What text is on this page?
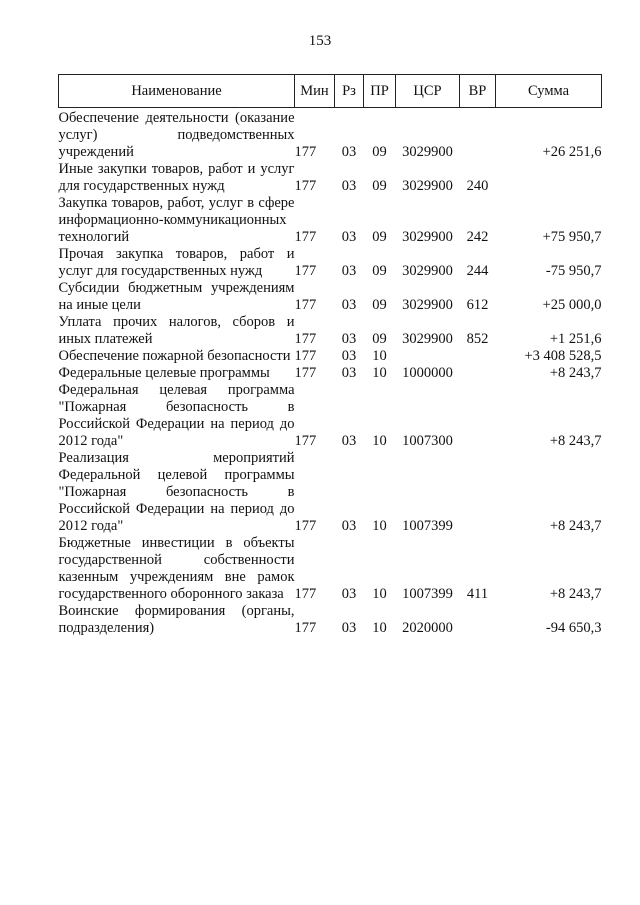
153
Наименование	Мин	Рз	ПР	ЦСР	ВР	Сумма
Обеспечение деятельности (оказание услуг) подведомственных учреждений	177	03	09	3029900		+26 251,6
Иные закупки товаров, работ и услуг для государственных нужд	177	03	09	3029900	240	
Закупка товаров, работ, услуг в сфере информационно-коммуникационных технологий	177	03	09	3029900	242	+75 950,7
Прочая закупка товаров, работ и услуг для государственных нужд	177	03	09	3029900	244	-75 950,7
Субсидии бюджетным учреждениям на иные цели	177	03	09	3029900	612	+25 000,0
Уплата прочих налогов, сборов и иных платежей	177	03	09	3029900	852	+1 251,6
Обеспечение пожарной безопасности	177	03	10			+3 408 528,5
Федеральные целевые программы	177	03	10	1000000		+8 243,7
Федеральная целевая программа "Пожарная безопасность в Российской Федерации на период до 2012 года"	177	03	10	1007300		+8 243,7
Реализация мероприятий Федеральной целевой программы "Пожарная безопасность в Российской Федерации на период до 2012 года"	177	03	10	1007399		+8 243,7
Бюджетные инвестиции в объекты государственной собственности казенным учреждениям вне рамок государственного оборонного заказа	177	03	10	1007399	411	+8 243,7
Воинские формирования (органы, подразделения)	177	03	10	2020000		-94 650,3
